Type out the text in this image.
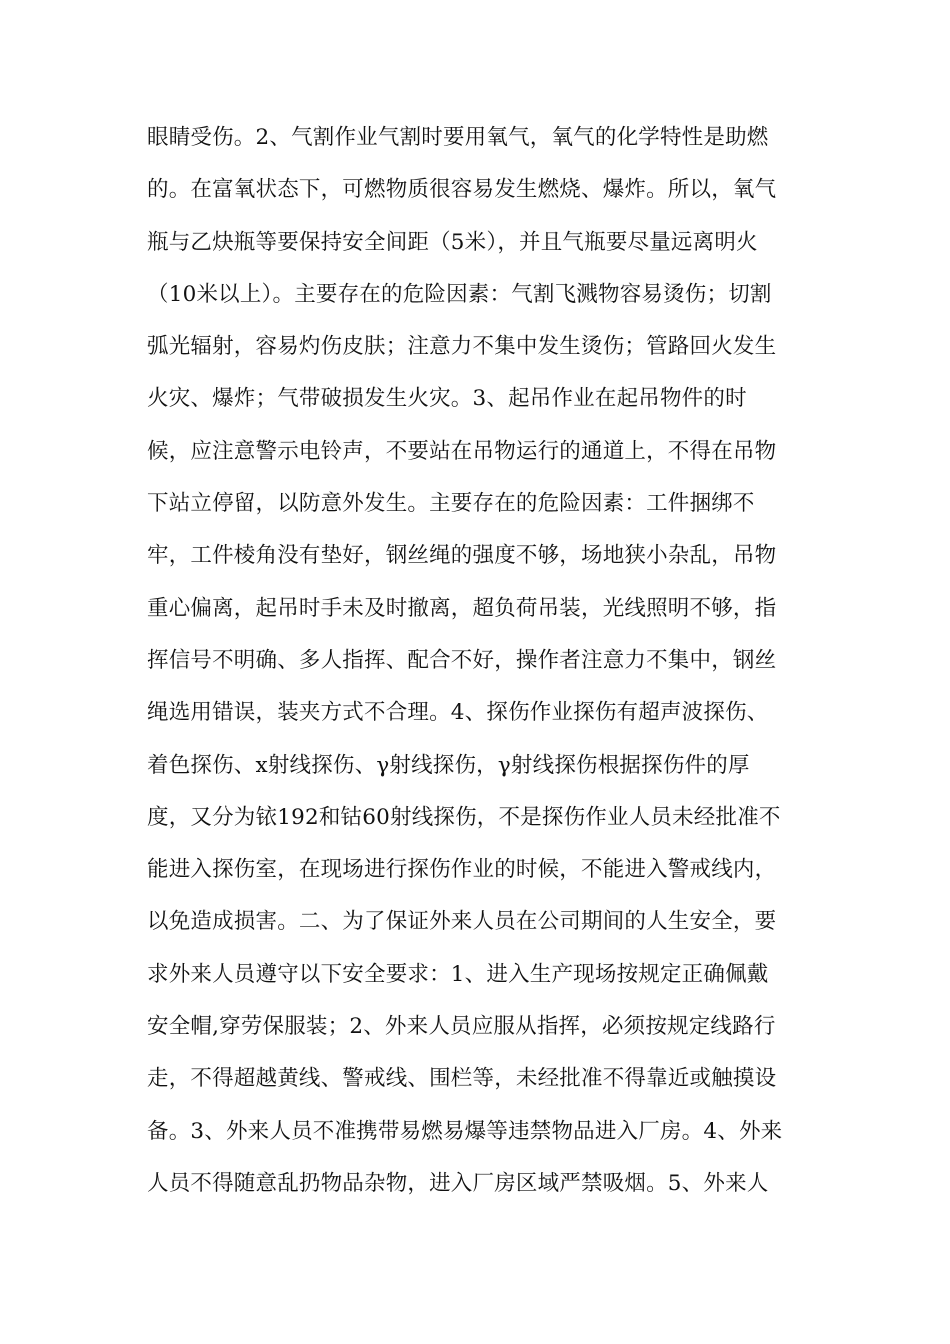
眼睛受伤。2、气割作业气割时要用氧气，氧气的化学特性是助燃
的。在富氧状态下，可燃物质很容易发生燃烧、爆炸。所以，氧气
瓶与乙炔瓶等要保持安全间距（5米），并且气瓶要尽量远离明火
（10米以上）。主要存在的危险因素：气割飞溅物容易烫伤；切割
弧光辐射，容易灼伤皮肤；注意力不集中发生烫伤；管路回火发生
火灾、爆炸；气带破损发生火灾。3、起吊作业在起吊物件的时
候，应注意警示电铃声，不要站在吊物运行的通道上，不得在吊物
下站立停留，以防意外发生。主要存在的危险因素：工件捆绑不
牢，工件棱角没有垫好，钢丝绳的强度不够，场地狭小杂乱，吊物
重心偏离，起吊时手未及时撤离，超负荷吊装，光线照明不够，指
挥信号不明确、多人指挥、配合不好，操作者注意力不集中，钢丝
绳选用错误，装夹方式不合理。4、探伤作业探伤有超声波探伤、
着色探伤、x射线探伤、γ射线探伤，γ射线探伤根据探伤件的厚
度，又分为铱192和钴60射线探伤，不是探伤作业人员未经批准不
能进入探伤室，在现场进行探伤作业的时候，不能进入警戒线内，
以免造成损害。二、为了保证外来人员在公司期间的人生安全，要
求外来人员遵守以下安全要求：1、进入生产现场按规定正确佩戴
安全帽,穿劳保服装；2、外来人员应服从指挥，必须按规定线路行
走，不得超越黄线、警戒线、围栏等，未经批准不得靠近或触摸设
备。3、外来人员不准携带易燃易爆等违禁物品进入厂房。4、外来
人员不得随意乱扔物品杂物，进入厂房区域严禁吸烟。5、外来人
